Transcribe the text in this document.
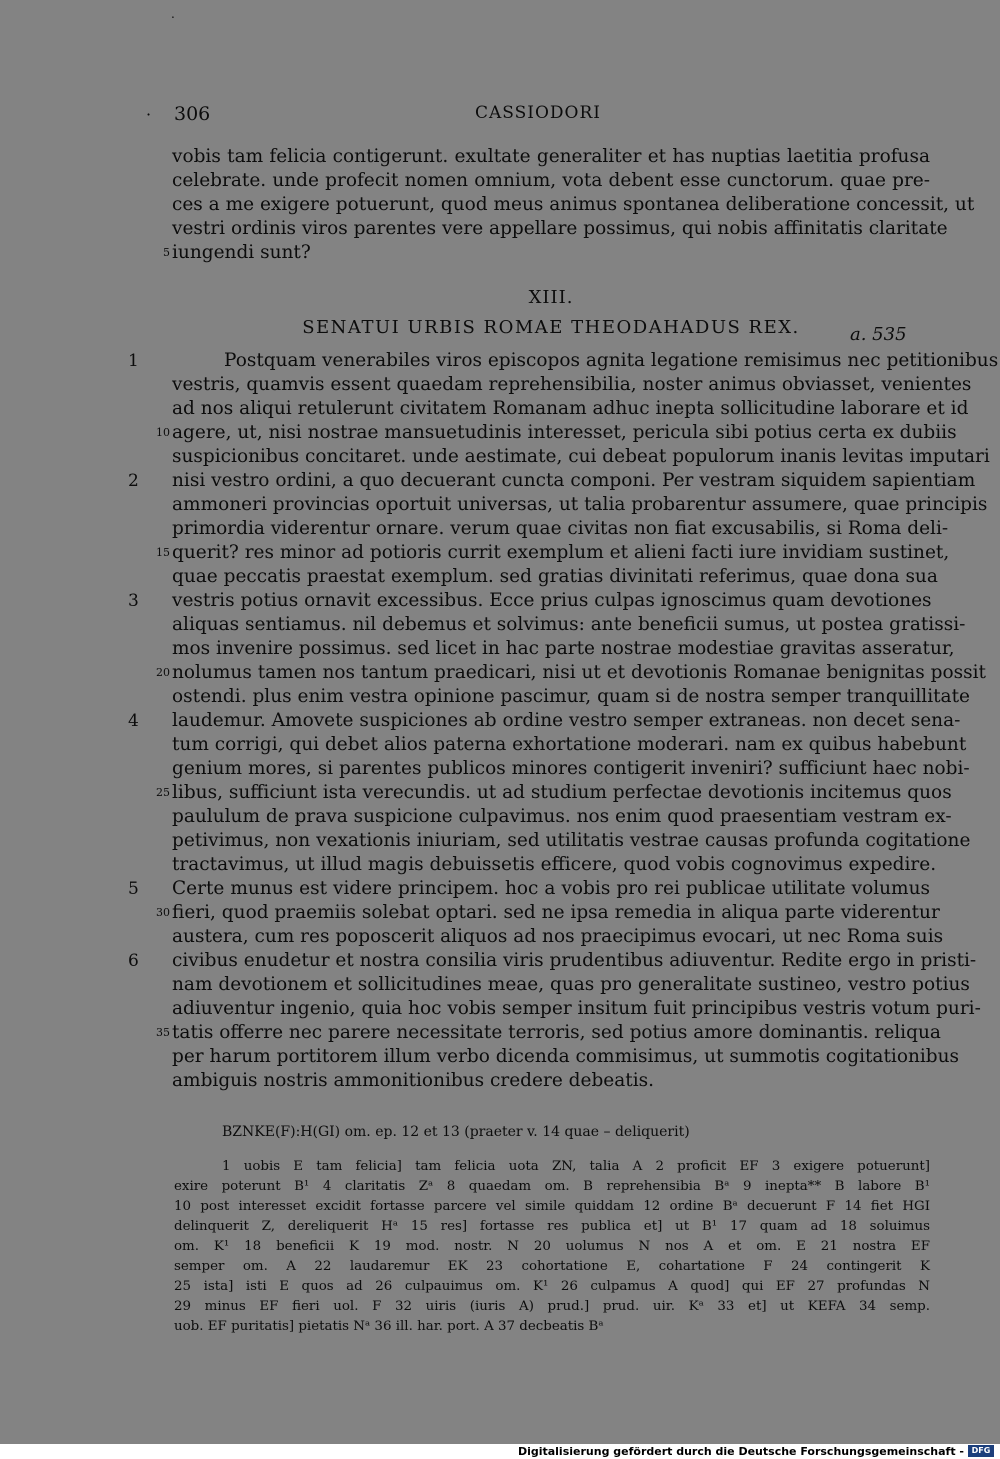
.
· 306	CASSIODORI
vobis tam felicia contigerunt. exultate generaliter et has nuptias laetitia profusa
celebrate. unde profecit nomen omnium, vota debent esse cunctorum. quae pre-
ces a me exigere potuerunt, quod meus animus spontanea deliberatione concessit, ut
vestri ordinis viros parentes vere appellare possimus, qui nobis affinitatis claritate
iungendi sunt?
5
XIII.
SENATUI URBIS ROMAE THEODAHADUS REX.	a. 535
Postquam venerabiles viros episcopos agnita legatione remisimus nec petitionibus
vestris, quamvis essent quaedam reprehensibilia, noster animus obviasset, venientes
ad nos aliqui retulerunt civitatem Romanam adhuc inepta sollicitudine laborare et id
agere, ut, nisi nostrae mansuetudinis interesset, pericula sibi potius certa ex dubiis
suspicionibus concitaret. unde aestimate, cui debeat populorum inanis levitas imputari
nisi vestro ordini, a quo decuerant cuncta componi. Per vestram siquidem sapientiam
ammoneri provincias oportuit universas, ut talia probarentur assumere, quae principis
primordia viderentur ornare. verum quae civitas non fiat excusabilis, si Roma deli-
querit? res minor ad potioris currit exemplum et alieni facti iure invidiam sustinet,
quae peccatis praestat exemplum. sed gratias divinitati referimus, quae dona sua
vestris potius ornavit excessibus. Ecce prius culpas ignoscimus quam devotiones
aliquas sentiamus. nil debemus et solvimus: ante beneficii sumus, ut postea gratissi-
mos invenire possimus. sed licet in hac parte nostrae modestiae gravitas asseratur,
nolumus tamen nos tantum praedicari, nisi ut et devotionis Romanae benignitas possit
ostendi. plus enim vestra opinione pascimur, quam si de nostra semper tranquillitate
laudemur. Amovete suspiciones ab ordine vestro semper extraneas. non decet sena-
tum corrigi, qui debet alios paterna exhortatione moderari. nam ex quibus habebunt
genium mores, si parentes publicos minores contigerit inveniri? sufficiunt haec nobi-
libus, sufficiunt ista verecundis. ut ad studium perfectae devotionis incitemus quos
paululum de prava suspicione culpavimus. nos enim quod praesentiam vestram ex-
petivimus, non vexationis iniuriam, sed utilitatis vestrae causas profunda cogitatione
tractavimus, ut illud magis debuissetis efficere, quod vobis cognovimus expedire.
Certe munus est videre principem. hoc a vobis pro rei publicae utilitate volumus
fieri, quod praemiis solebat optari. sed ne ipsa remedia in aliqua parte viderentur
austera, cum res poposcerit aliquos ad nos praecipimus evocari, ut nec Roma suis
civibus enudetur et nostra consilia viris prudentibus adiuventur. Redite ergo in pristi-
nam devotionem et sollicitudines meae, quas pro generalitate sustineo, vestro potius
adiuventur ingenio, quia hoc vobis semper insitum fuit principibus vestris votum puri-
tatis offerre nec parere necessitate terroris, sed potius amore dominantis. reliqua
per harum portitorem illum verbo dicenda commisimus, ut summotis cogitationibus
ambiguis nostris ammonitionibus credere debeatis.
10
15
20
25
30
35
1
2
3
4
5
6
BZNKE(F):H(GI) om. ep. 12 et 13 (praeter v. 14 quae – deliquerit)
1 uobis E tam felicia] tam felicia uota ZN, talia A 2 proficit EF 3 exigere potuerunt]
exire poterunt B¹ 4 claritatis Zᵃ 8 quaedam om. B reprehensibia Bᵃ 9 inepta** B labore B¹
10 post interesset excidit fortasse parcere vel simile quiddam 12 ordine Bᵃ decuerunt F 14 fiet HGI
delinquerit Z, dereliquerit Hᵃ 15 res] fortasse res publica et] ut B¹ 17 quam ad 18 soluimus
om. K¹ 18 beneficii K 19 mod. nostr. N 20 uolumus N nos A et om. E 21 nostra EF
semper om. A 22 laudaremur EK 23 cohortatione E, cohartatione F 24 contingerit K
25 ista] isti E quos ad 26 culpauimus om. K¹ 26 culpamus A quod] qui EF 27 profundas N
29 minus EF fieri uol. F 32 uiris (iuris A) prud.] prud. uir. Kᵃ 33 et] ut KEFA 34 semp.
uob. EF puritatis] pietatis Nᵃ 36 ill. har. port. A 37 decbeatis Bᵃ
Digitalisierung gefördert durch die Deutsche Forschungsgemeinschaft - DFG
